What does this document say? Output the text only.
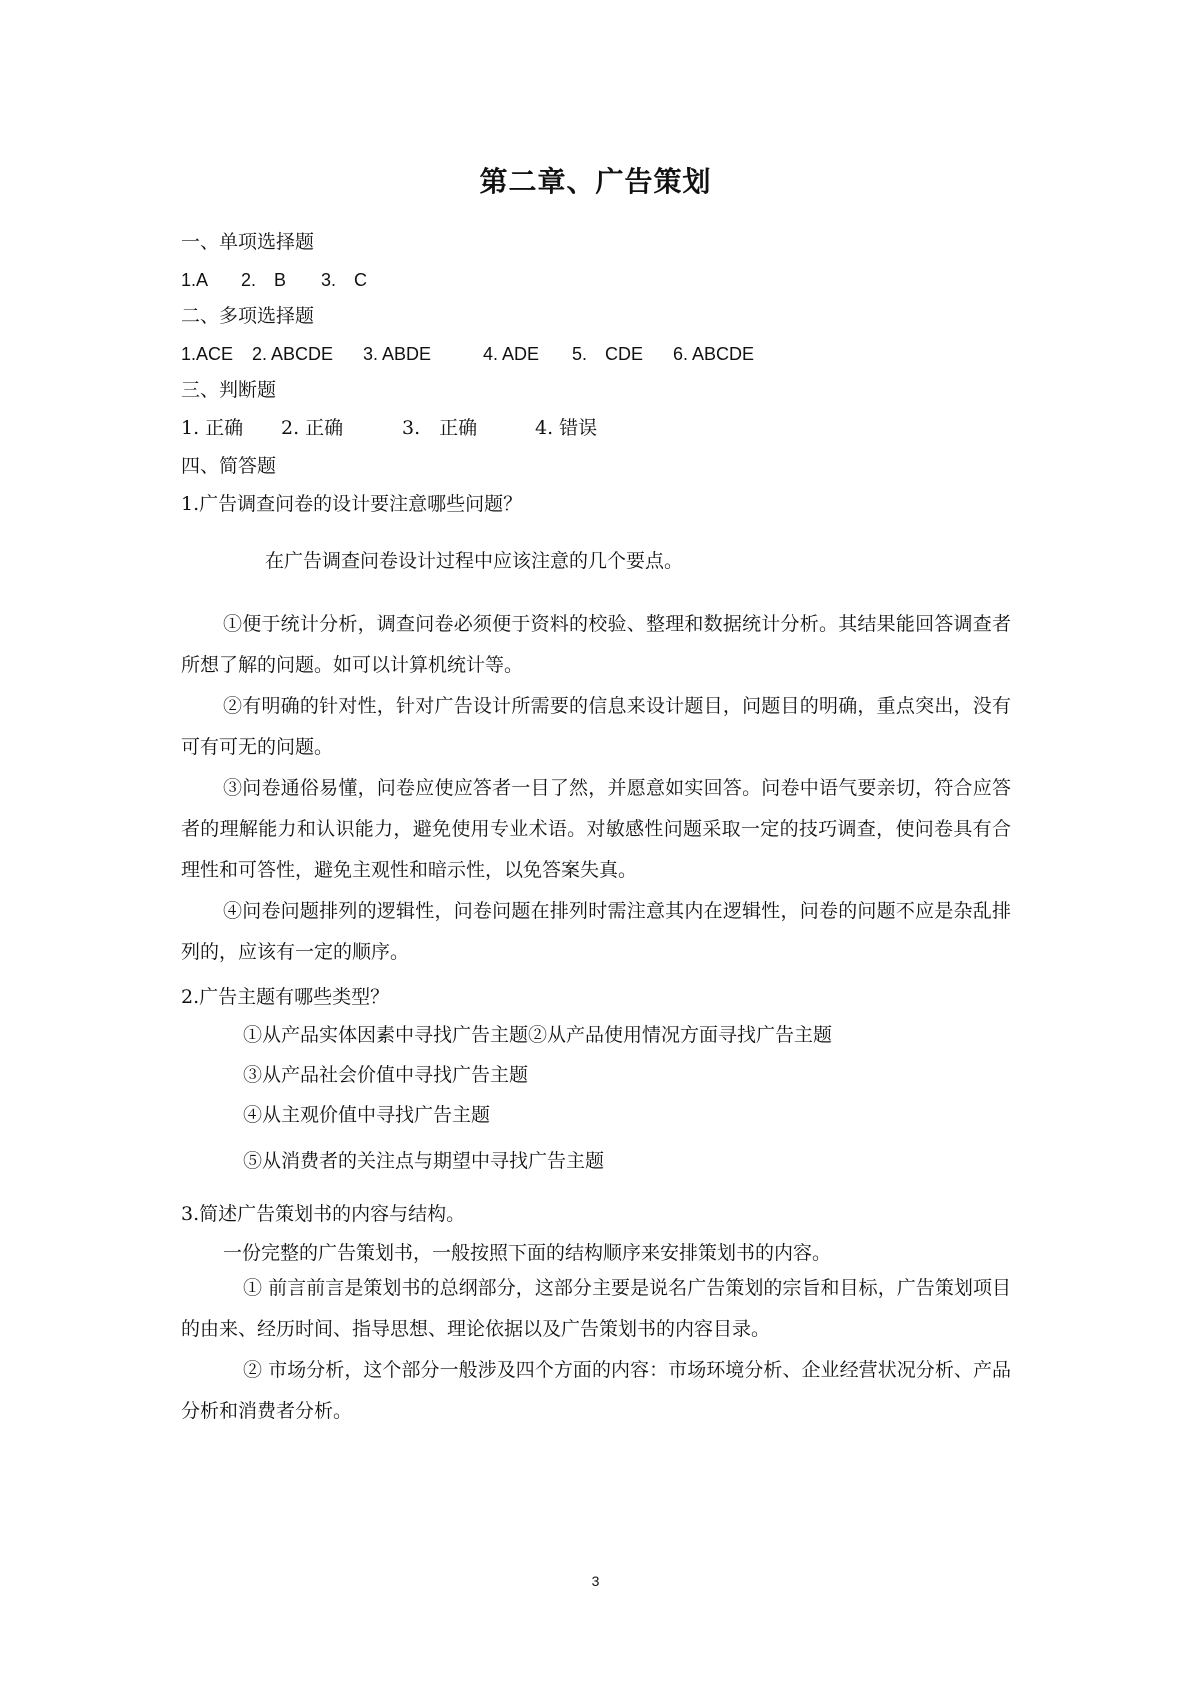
第二章、广告策划
一、单项选择题
1.A 2.　B 3.　C
二、多项选择题
1.ACE 2. ABCDE 3. ABDE	4. ADE 5.　CDE 6. ABCDE
三、判断题
1. 正确 2. 正确	3.　正确	4. 错误
四、简答题
1.广告调查问卷的设计要注意哪些问题？
在广告调查问卷设计过程中应该注意的几个要点。
①便于统计分析，调查问卷必须便于资料的校验、整理和数据统计分析。其结果能回答调查者所想了解的问题。如可以计算机统计等。
②有明确的针对性，针对广告设计所需要的信息来设计题目，问题目的明确，重点突出，没有可有可无的问题。
③问卷通俗易懂，问卷应使应答者一目了然，并愿意如实回答。问卷中语气要亲切，符合应答者的理解能力和认识能力，避免使用专业术语。对敏感性问题采取一定的技巧调查，使问卷具有合理性和可答性，避免主观性和暗示性，以免答案失真。
④问卷问题排列的逻辑性，问卷问题在排列时需注意其内在逻辑性，问卷的问题不应是杂乱排列的，应该有一定的顺序。
2.广告主题有哪些类型？
①从产品实体因素中寻找广告主题②从产品使用情况方面寻找广告主题
③从产品社会价值中寻找广告主题
④从主观价值中寻找广告主题
⑤从消费者的关注点与期望中寻找广告主题
3.简述广告策划书的内容与结构。
一份完整的广告策划书，一般按照下面的结构顺序来安排策划书的内容。
① 前言前言是策划书的总纲部分，这部分主要是说名广告策划的宗旨和目标，广告策划项目的由来、经历时间、指导思想、理论依据以及广告策划书的内容目录。
② 市场分析，这个部分一般涉及四个方面的内容：市场环境分析、企业经营状况分析、产品分析和消费者分析。
3
